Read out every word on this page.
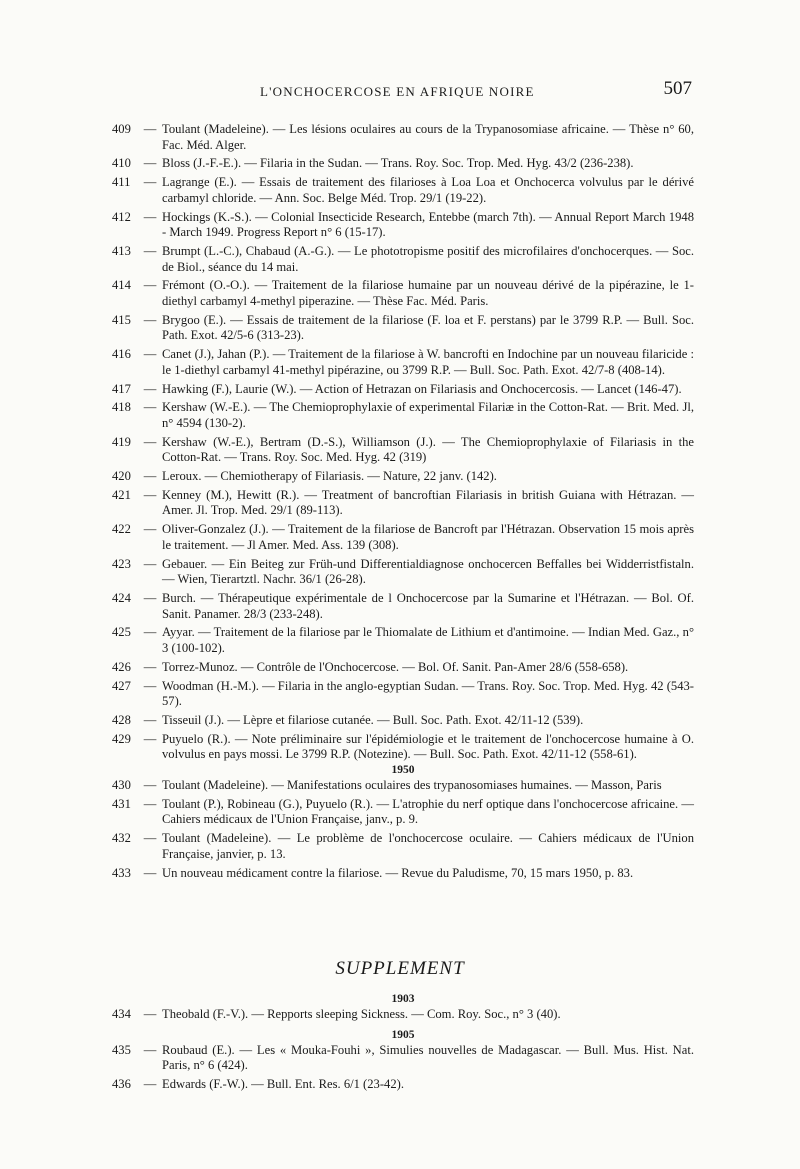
L'ONCHOCERCOSE EN AFRIQUE NOIRE	507
409	— Toulant (Madeleine). — Les lésions oculaires au cours de la Trypanosomiase africaine. — Thèse n° 60, Fac. Méd. Alger.
410	— Bloss (J.-F.-E.). — Filaria in the Sudan. — Trans. Roy. Soc. Trop. Med. Hyg. 43/2 (236-238).
411	— Lagrange (E.). — Essais de traitement des filarioses à Loa Loa et Onchocerca volvulus par le dérivé carbamyl chloride. — Ann. Soc. Belge Méd. Trop. 29/1 (19-22).
412	— Hockings (K.-S.). — Colonial Insecticide Research, Entebbe (march 7th). — Annual Report March 1948 - March 1949. Progress Report n° 6 (15-17).
413	— Brumpt (L.-C.), Chabaud (A.-G.). — Le phototropisme positif des microfilaires d'onchocerques. — Soc. de Biol., séance du 14 mai.
414	— Frémont (O.-O.). — Traitement de la filariose humaine par un nouveau dérivé de la pipérazine, le 1-diethyl carbamyl 4-methyl piperazine. — Thèse Fac. Méd. Paris.
415	— Brygoo (E.). — Essais de traitement de la filariose (F. loa et F. perstans) par le 3799 R.P. — Bull. Soc. Path. Exot. 42/5-6 (313-23).
416	— Canet (J.), Jahan (P.). — Traitement de la filariose à W. bancrofti en Indochine par un nouveau filaricide : le 1-diethyl carbamyl 41-methyl pipérazine, ou 3799 R.P. — Bull. Soc. Path. Exot. 42/7-8 (408-14).
417	— Hawking (F.), Laurie (W.). — Action of Hetrazan on Filariasis and Onchocercosis. — Lancet (146-47).
418	— Kershaw (W.-E.). — The Chemioprophylaxie of experimental Filariæ in the Cotton-Rat. — Brit. Med. Jl, n° 4594 (130-2).
419	— Kershaw (W.-E.), Bertram (D.-S.), Williamson (J.). — The Chemioprophylaxie of Filariasis in the Cotton-Rat. — Trans. Roy. Soc. Med. Hyg. 42 (319)
420	— Leroux. — Chemiotherapy of Filariasis. — Nature, 22 janv. (142).
421	— Kenney (M.), Hewitt (R.). — Treatment of bancroftian Filariasis in british Guiana with Hétrazan. — Amer. Jl. Trop. Med. 29/1 (89-113).
422	— Oliver-Gonzalez (J.). — Traitement de la filariose de Bancroft par l'Hétrazan. Observation 15 mois après le traitement. — Jl Amer. Med. Ass. 139 (308).
423	— Gebauer. — Ein Beiteg zur Früh-und Differentialdiagnose onchocercen Beffalles bei Widderristfistaln. — Wien, Tierartztl. Nachr. 36/1 (26-28).
424	— Burch. — Thérapeutique expérimentale de l Onchocercose par la Sumarine et l'Hétrazan. — Bol. Of. Sanit. Panamer. 28/3 (233-248).
425	— Ayyar. — Traitement de la filariose par le Thiomalate de Lithium et d'antimoine. — Indian Med. Gaz., n° 3 (100-102).
426	— Torrez-Munoz. — Contrôle de l'Onchocercose. — Bol. Of. Sanit. Pan-Amer 28/6 (558-658).
427	— Woodman (H.-M.). — Filaria in the anglo-egyptian Sudan. — Trans. Roy. Soc. Trop. Med. Hyg. 42 (543-57).
428	— Tisseuil (J.). — Lèpre et filariose cutanée. — Bull. Soc. Path. Exot. 42/11-12 (539).
429	— Puyuelo (R.). — Note préliminaire sur l'épidémiologie et le traitement de l'onchocercose humaine à O. volvulus en pays mossi. Le 3799 R.P. (Notezine). — Bull. Soc. Path. Exot. 42/11-12 (558-61).
1950
430	— Toulant (Madeleine). — Manifestations oculaires des trypanosomiases humaines. — Masson, Paris
431	— Toulant (P.), Robineau (G.), Puyuelo (R.). — L'atrophie du nerf optique dans l'onchocercose africaine. — Cahiers médicaux de l'Union Française, janv., p. 9.
432	— Toulant (Madeleine). — Le problème de l'onchocercose oculaire. — Cahiers médicaux de l'Union Française, janvier, p. 13.
433	— Un nouveau médicament contre la filariose. — Revue du Paludisme, 70, 15 mars 1950, p. 83.
SUPPLEMENT
1903
434	— Theobald (F.-V.). — Repports sleeping Sickness. — Com. Roy. Soc., n° 3 (40).
1905
435	— Roubaud (E.). — Les « Mouka-Fouhi », Simulies nouvelles de Madagascar. — Bull. Mus. Hist. Nat. Paris, n° 6 (424).
436	— Edwards (F.-W.). — Bull. Ent. Res. 6/1 (23-42).
